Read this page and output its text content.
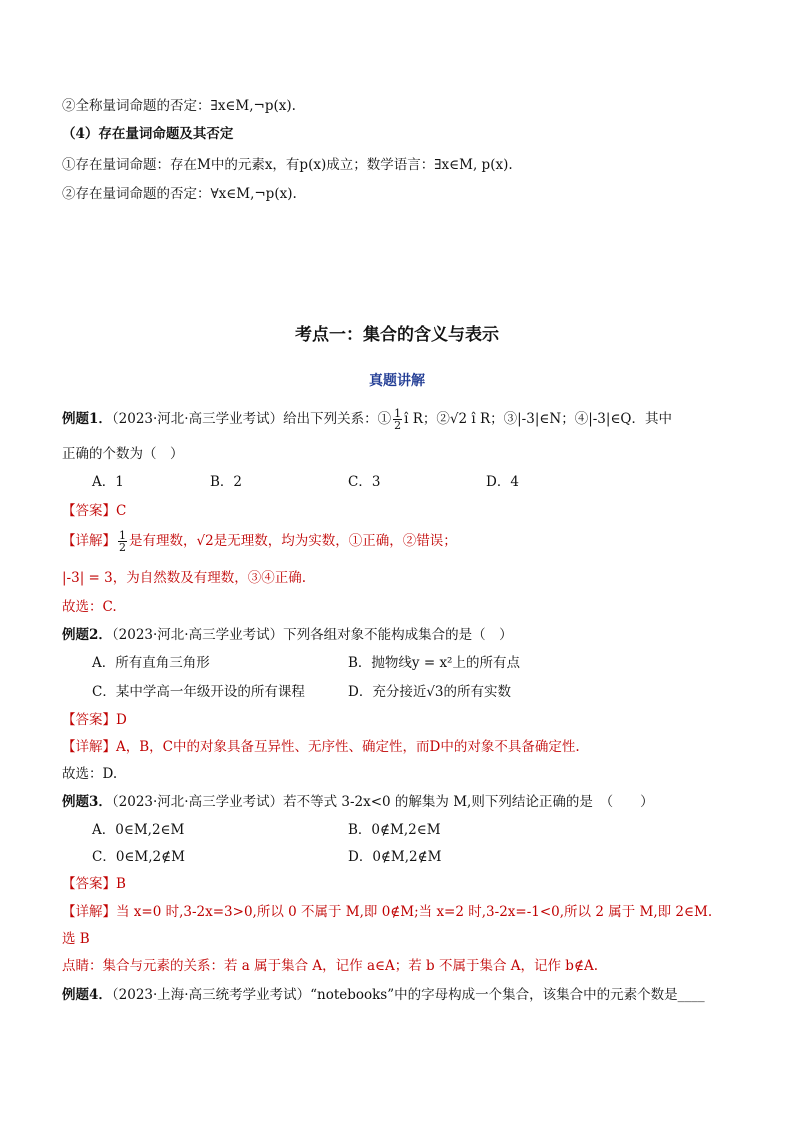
②全称量词命题的否定：∃x∈M,¬p(x).
（4）存在量词命题及其否定
①存在量词命题：存在M中的元素x，有p(x)成立；数学语言：∃x∈M, p(x).
②存在量词命题的否定：∀x∈M,¬p(x).
考点一：集合的含义与表示
真题讲解
例题1．（2023·河北·高三学业考试）给出下列关系：① $\frac{1}{2}$ î R；②√2 î R；③|-3|∈N；④|-3|∈Q．其中
正确的个数为（　）
A．1	B．2	C．3	D．4
【答案】C
【详解】 $\frac{1}{2}$ 是有理数，√2是无理数，均为实数，①正确，②错误；
|-3| = 3，为自然数及有理数，③④正确.
故选：C.
例题2．（2023·河北·高三学业考试）下列各组对象不能构成集合的是（　）
A．所有直角三角形	B．抛物线y = x²上的所有点
C．某中学高一年级开设的所有课程	D．充分接近√3的所有实数
【答案】D
【详解】A，B，C中的对象具备互异性、无序性、确定性，而D中的对象不具备确定性.
故选：D.
例题3．（2023·河北·高三学业考试）若不等式 3-2x<0 的解集为 M,则下列结论正确的是　（　　）
A．0∈M,2∈M	B．0∉M,2∈M
C．0∈M,2∉M	D．0∉M,2∉M
【答案】B
【详解】当 x=0 时,3-2x=3>0,所以 0 不属于 M,即 0∉M;当 x=2 时,3-2x=-1<0,所以 2 属于 M,即 2∈M.
选 B
点睛：集合与元素的关系：若 a 属于集合 A，记作 a∈A；若 b 不属于集合 A，记作 b∉A.
例题4．（2023·上海·高三统考学业考试）“notebooks”中的字母构成一个集合，该集合中的元素个数是____
